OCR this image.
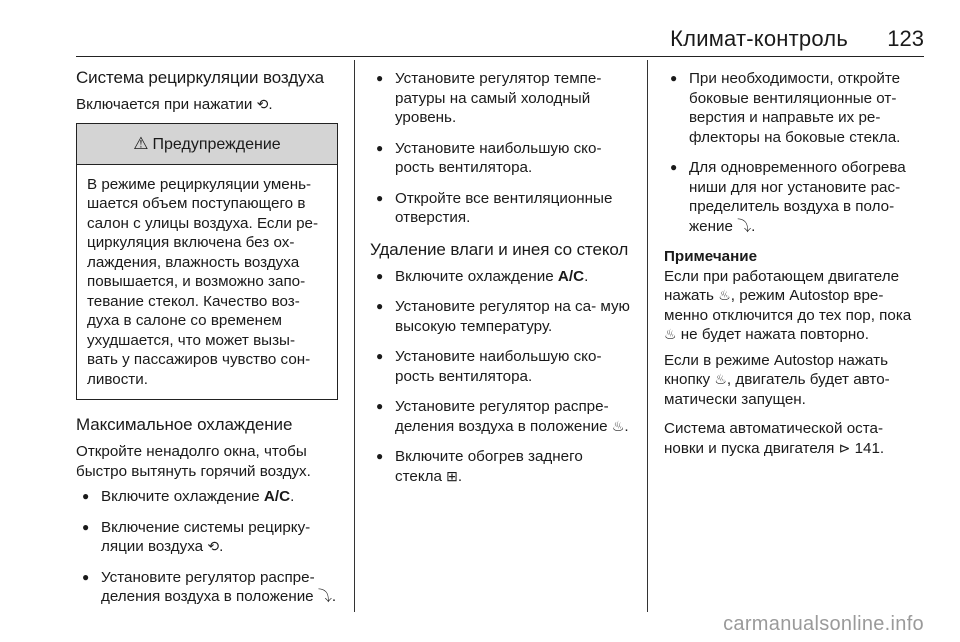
Климат-контроль 123
Система рециркуляции воздуха

Включается при нажатии ⟲.

⚠ Предупреждение
В режиме рециркуляции умень- шается объем поступающего в салон с улицы воздуха. Если ре- циркуляция включена без ох- лаждения, влажность воздуха повышается, и возможно запо- тевание стекол. Качество воз- духа в салоне со временем ухудшается, что может вызы- вать у пассажиров чувство сон- ливости.
Максимальное охлаждение

Откройте ненадолго окна, чтобы быстро вытянуть горячий воздух.

● Включите охлаждение A/C.
● Включение системы рецирку- ляции воздуха ⟲.
● Установите регулятор распре- деления воздуха в положение ⤵.
● Установите регулятор темпе- ратуры на самый холодный уровень.
● Установите наибольшую ско- рость вентилятора.
● Откройте все вентиляционные отверстия.
Удаление влаги и инея со стекол
● Включите охлаждение A/C.
● Установите регулятор на са- мую высокую температуру.
● Установите наибольшую ско- рость вентилятора.
● Установите регулятор распре- деления воздуха в положение ♨.
● Включите обогрев заднего стекла ⊞.
● При необходимости, откройте боковые вентиляционные от- верстия и направьте их ре- флекторы на боковые стекла.
● Для одновременного обогрева ниши для ног установите рас- пределитель воздуха в поло- жение ⤵.
Примечание

Если при работающем двигателе нажать ♨, режим Autostop вре- менно отключится до тех пор, пока ♨ не будет нажата повторно.

Если в режиме Autostop нажать кнопку ♨, двигатель будет авто- матически запущен.

Система автоматической оста- новки и пуска двигателя ⊳ 141.

carmanualsonline.info
